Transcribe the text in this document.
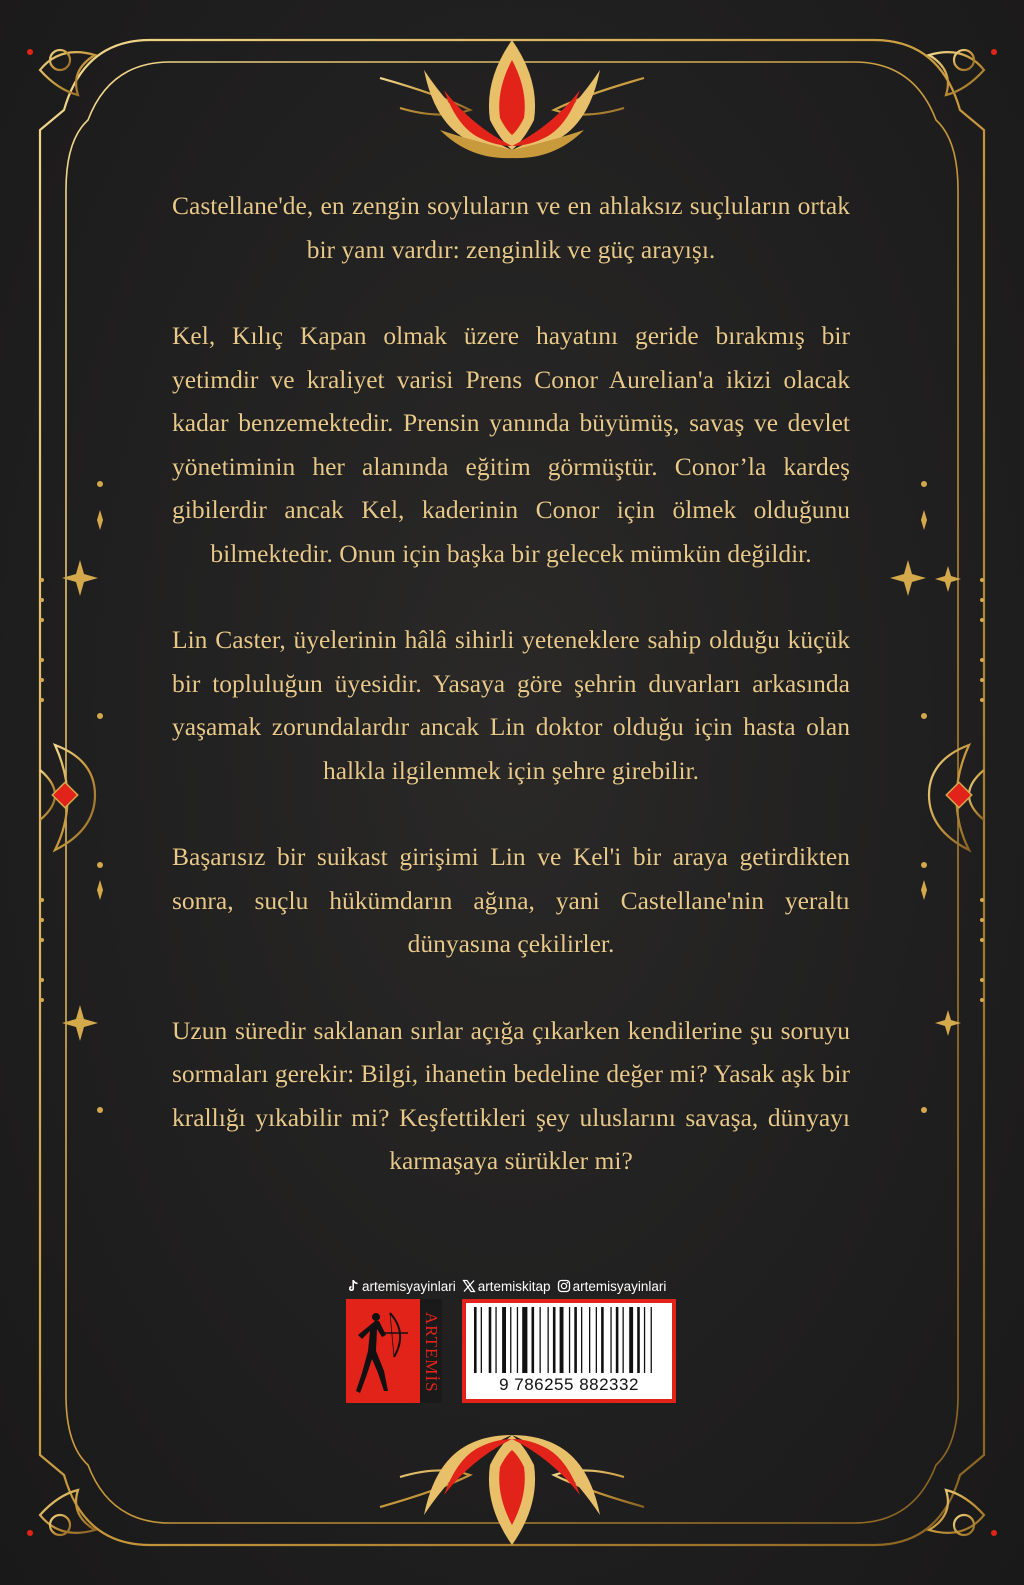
Castellane'de, en zengin soyluların ve en ahlaksız suçluların ortak bir yanı vardır: zenginlik ve güç arayışı.

Kel, Kılıç Kapan olmak üzere hayatını geride bırakmış bir yetimdir ve kraliyet varisi Prens Conor Aurelian'a ikizi olacak kadar benzemektedir. Prensin yanında büyümüş, savaş ve devlet yönetiminin her alanında eğitim görmüştür. Conor’la kardeş gibilerdir ancak Kel, kaderinin Conor için ölmek olduğunu bilmektedir. Onun için başka bir gelecek mümkün değildir.

Lin Caster, üyelerinin hâlâ sihirli yeteneklere sahip olduğu küçük bir topluluğun üyesidir. Yasaya göre şehrin duvarları arkasında yaşamak zorundalardır ancak Lin doktor olduğu için hasta olan halkla ilgilenmek için şehre girebilir.

Başarısız bir suikast girişimi Lin ve Kel'i bir araya getirdikten sonra, suçlu hükümdarın ağına, yani Castellane'nin yeraltı dünyasına çekilirler.

Uzun süredir saklanan sırlar açığa çıkarken kendilerine şu soruyu sormaları gerekir: Bilgi, ihanetin bedeline değer mi? Yasak aşk bir krallığı yıkabilir mi? Keşfettikleri şey uluslarını savaşa, dünyayı karmaşaya sürükler mi?

artemisyayinlari artemiskitap artemisyayinlari
ARTEMİS	9 786255 882332
